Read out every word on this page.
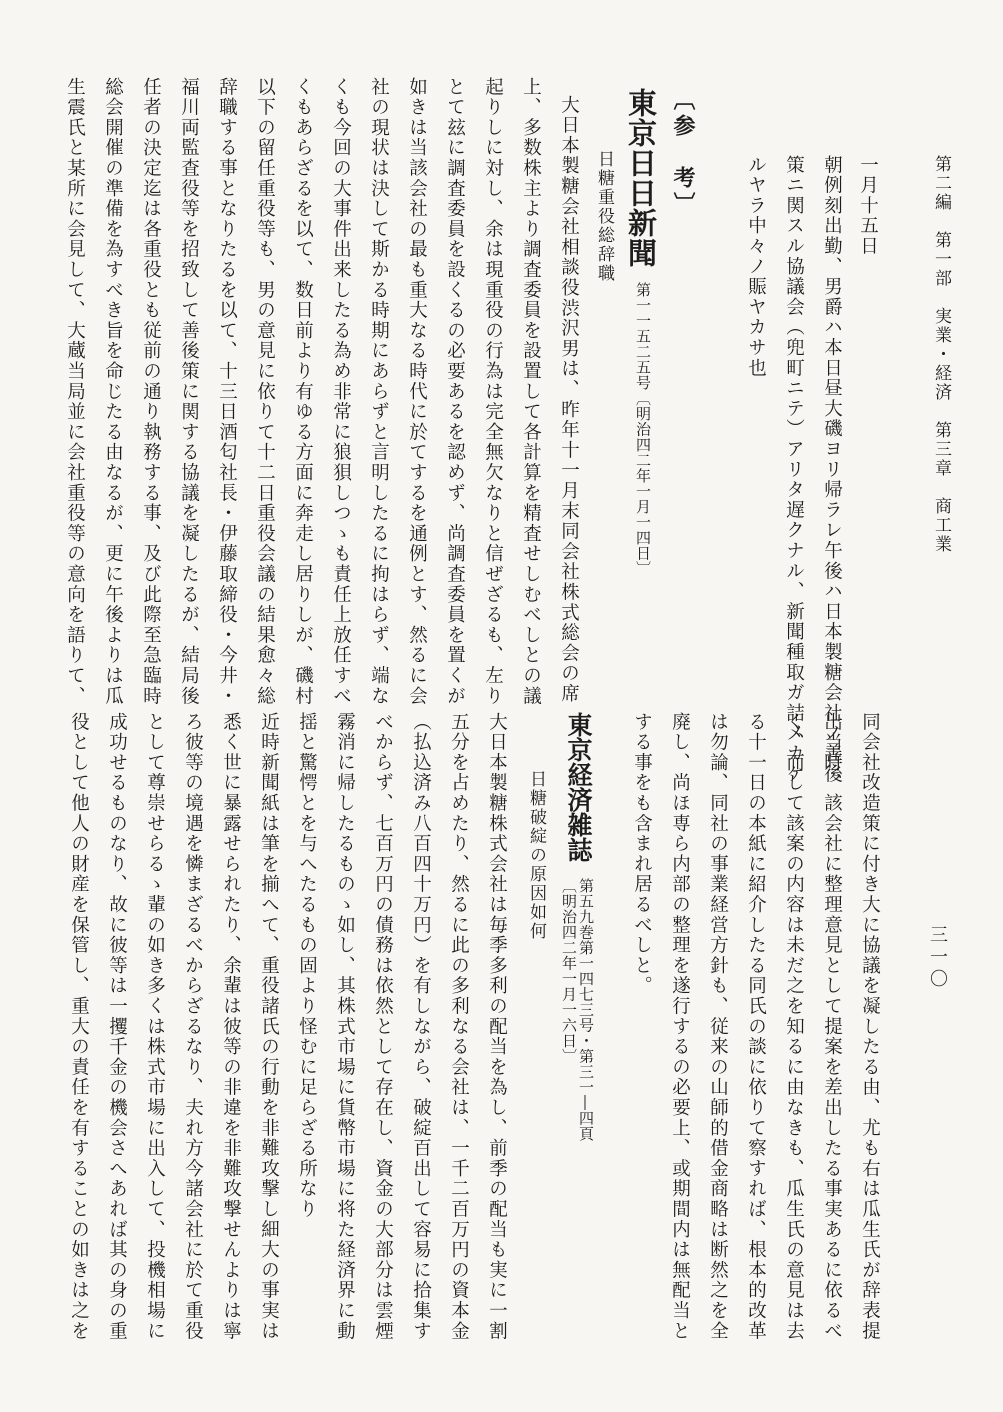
第二編　第一部　実業・経済　第三章　商工業
三一〇
一月十五日
朝例刻出勤、男爵ハ本日昼大磯ヨリ帰ラレ午後ハ日本製糖会社ノ善後
策ニ関スル協議会（兜町ニテ）アリタ遅クナル、新聞種取ガ詰メカケ
ルヤラ中々ノ賑ヤカサ也
〔参　考〕
東京日日新聞
第一一五二五号〔明治四二年一月一四日〕
日糖重役総辞職
大日本製糖会社相談役渋沢男は、昨年十一月末同会社株式総会の席
上、多数株主より調査委員を設置して各計算を精査せしむべしとの議
起りしに対し、余は現重役の行為は完全無欠なりと信ぜざるも、左り
とて玆に調査委員を設くるの必要あるを認めず、尚調査委員を置くが
如きは当該会社の最も重大なる時代に於てするを通例とす、然るに会
社の現状は決して斯かる時期にあらずと言明したるに拘はらず、端な
くも今回の大事件出来したる為め非常に狼狽しつゝも責任上放任すべ
くもあらざるを以て、数日前より有ゆる方面に奔走し居りしが、磯村
以下の留任重役等も、男の意見に依りて十二日重役会議の結果愈々総
辞職する事となりたるを以て、十三日酒匂社長・伊藤取締役・今井・
福川両監査役等を招致して善後策に関する協議を凝したるが、結局後
任者の決定迄は各重役とも従前の通り執務する事、及び此際至急臨時
総会開催の準備を為すべき旨を命じたる由なるが、更に午後よりは瓜
生震氏と某所に会見して、大蔵当局並に会社重役等の意向を語りて、
同会社改造策に付き大に協議を凝したる由、尤も右は瓜生氏が辞表提
出当時、該会社に整理意見として提案を差出したる事実あるに依るべ
く、而して該案の内容は未だ之を知るに由なきも、瓜生氏の意見は去
る十一日の本紙に紹介したる同氏の談に依りて察すれば、根本的改革
は勿論、同社の事業経営方針も、従来の山師的借金商略は断然之を全
廃し、尚ほ専ら内部の整理を遂行するの必要上、或期間内は無配当と
する事をも含まれ居るべしと。
東京経済雑誌
第五九巻第一四七三号・第三一―四頁
〔明治四二年一月一六日〕
日糖破綻の原因如何
大日本製糖株式会社は毎季多利の配当を為し、前季の配当も実に一割
五分を占めたり、然るに此の多利なる会社は、一千二百万円の資本金
（払込済み八百四十万円）を有しながら、破綻百出して容易に拾集す
べからず、七百万円の債務は依然として存在し、資金の大部分は雲煙
霧消に帰したるものゝ如し、其株式市場に貨幣市場に将た経済界に動
揺と驚愕とを与へたるもの固より怪むに足らざる所なり
近時新聞紙は筆を揃へて、重役諸氏の行動を非難攻撃し細大の事実は
悉く世に暴露せられたり、余輩は彼等の非違を非難攻撃せんよりは寧
ろ彼等の境遇を憐まざるべからざるなり、夫れ方今諸会社に於て重役
として尊崇せらるゝ輩の如き多くは株式市場に出入して、投機相場に
成功せるものなり、故に彼等は一攫千金の機会さへあれば其の身の重
役として他人の財産を保管し、重大の責任を有することの如きは之を
